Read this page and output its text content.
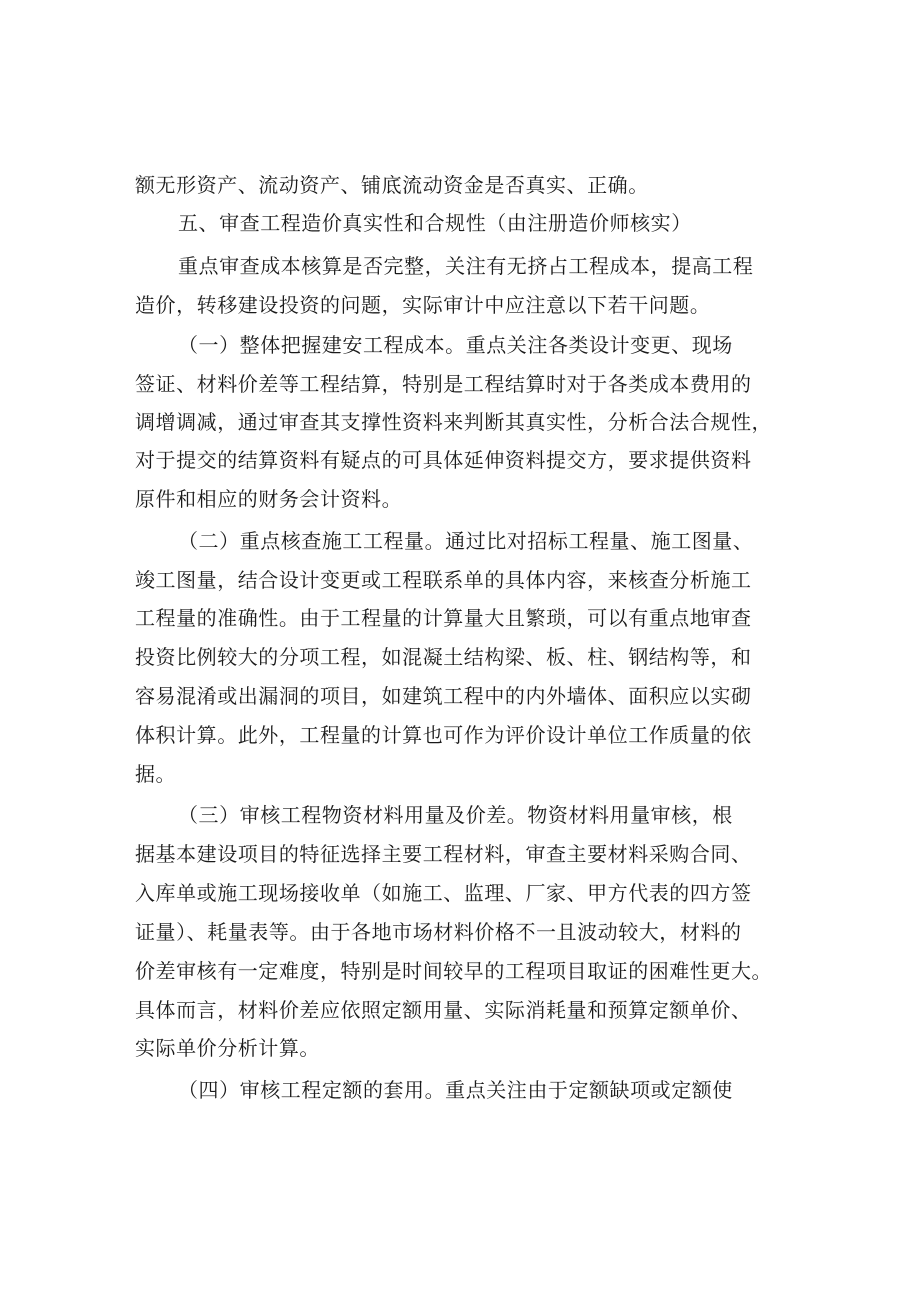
额无形资产、流动资产、铺底流动资金是否真实、正确。
五、审查工程造价真实性和合规性（由注册造价师核实）
重点审查成本核算是否完整，关注有无挤占工程成本，提高工程
造价，转移建设投资的问题，实际审计中应注意以下若干问题。
（一）整体把握建安工程成本。重点关注各类设计变更、现场
签证、材料价差等工程结算，特别是工程结算时对于各类成本费用的
调增调减，通过审查其支撑性资料来判断其真实性，分析合法合规性，
对于提交的结算资料有疑点的可具体延伸资料提交方，要求提供资料
原件和相应的财务会计资料。
（二）重点核查施工工程量。通过比对招标工程量、施工图量、
竣工图量，结合设计变更或工程联系单的具体内容，来核查分析施工
工程量的准确性。由于工程量的计算量大且繁琐，可以有重点地审查
投资比例较大的分项工程，如混凝土结构梁、板、柱、钢结构等，和
容易混淆或出漏洞的项目，如建筑工程中的内外墙体、面积应以实砌
体积计算。此外，工程量的计算也可作为评价设计单位工作质量的依
据。
（三）审核工程物资材料用量及价差。物资材料用量审核，根
据基本建设项目的特征选择主要工程材料，审查主要材料采购合同、
入库单或施工现场接收单（如施工、监理、厂家、甲方代表的四方签
证量）、耗量表等。由于各地市场材料价格不一且波动较大，材料的
价差审核有一定难度，特别是时间较早的工程项目取证的困难性更大。
具体而言，材料价差应依照定额用量、实际消耗量和预算定额单价、
实际单价分析计算。
（四）审核工程定额的套用。重点关注由于定额缺项或定额使
